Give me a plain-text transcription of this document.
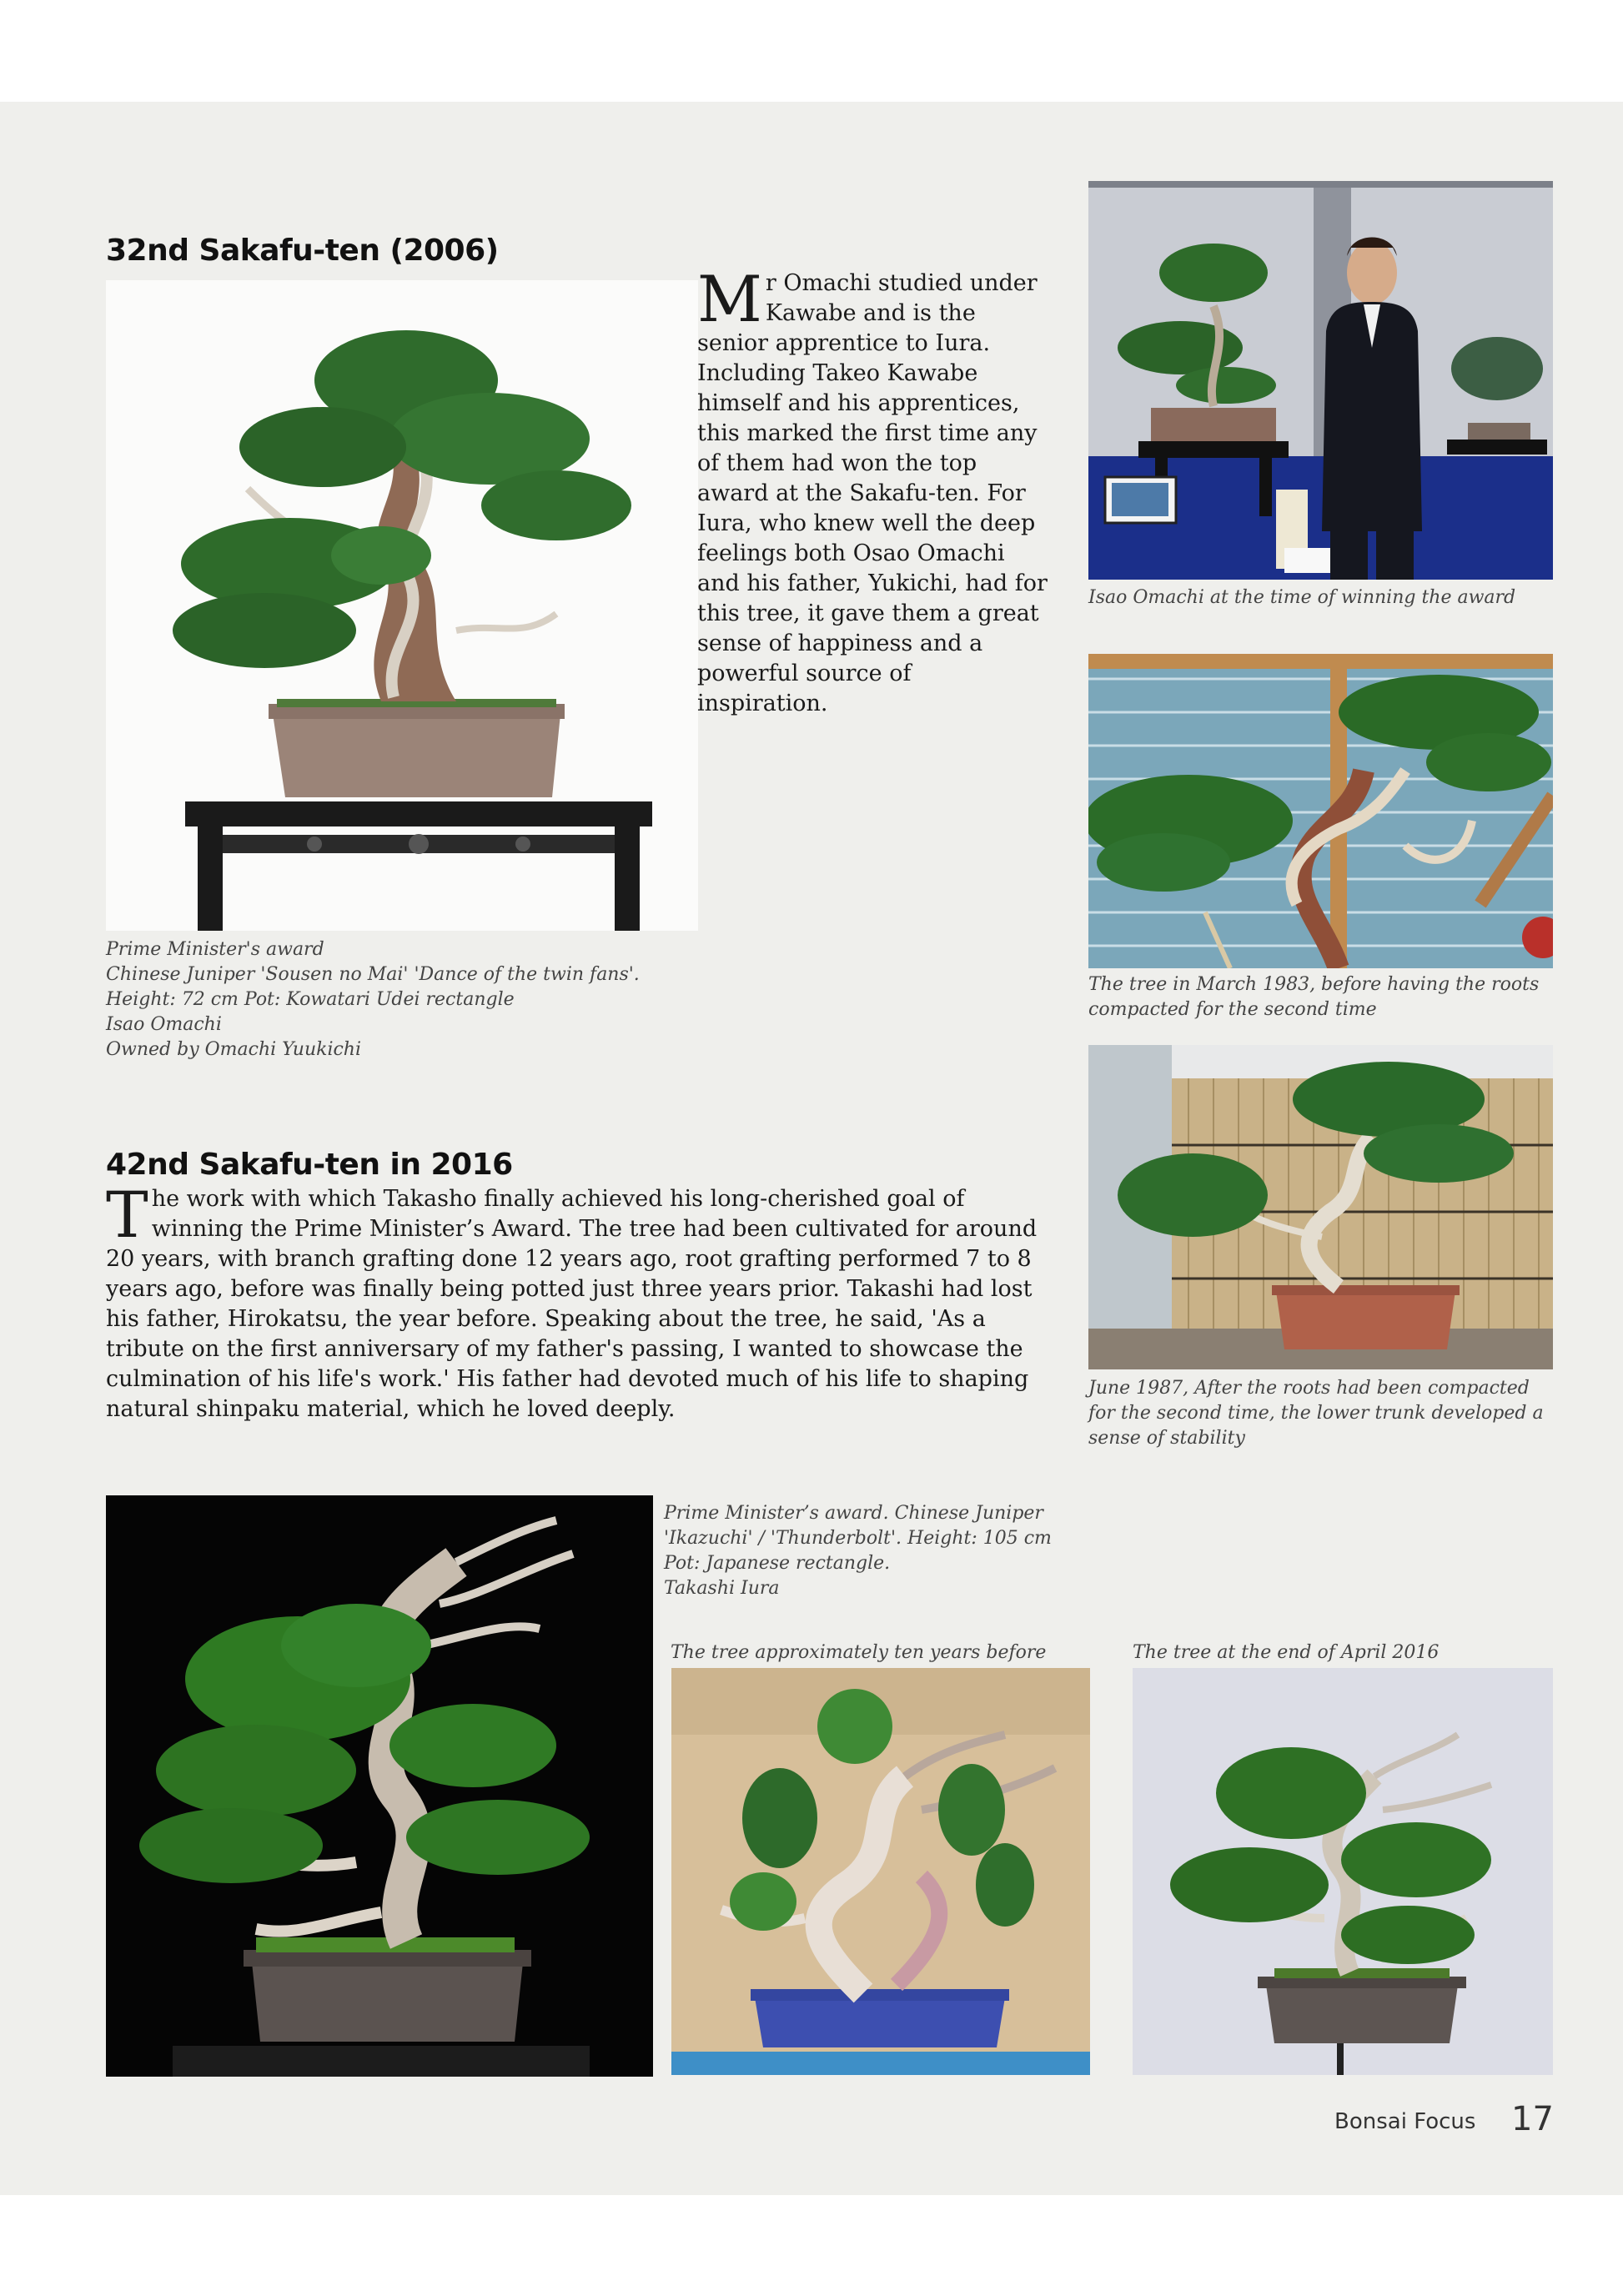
32nd Sakafu-ten (2006)

Mr Omachi studied under Kawabe and is the senior apprentice to Iura. Including Takeo Kawabe himself and his apprentices, this marked the first time any of them had won the top award at the Sakafu-ten. For Iura, who knew well the deep feelings both Osao Omachi and his father, Yukichi, had for this tree, it gave them a great sense of happiness and a powerful source of inspiration.

Prime Minister's award
Chinese Juniper 'Sousen no Mai' 'Dance of the twin fans'.
Height: 72 cm Pot: Kowatari Udei rectangle
Isao Omachi
Owned by Omachi Yuukichi
Isao Omachi at the time of winning the award
The tree in March 1983, before having the roots compacted for the second time
June 1987, After the roots had been compacted for the second time, the lower trunk developed a sense of stability
42nd Sakafu-ten in 2016

The work with which Takasho finally achieved his long-cherished goal of winning the Prime Minister’s Award. The tree had been cultivated for around 20 years, with branch grafting done 12 years ago, root grafting performed 7 to 8 years ago, before was finally being potted just three years prior. Takashi had lost his father, Hirokatsu, the year before. Speaking about the tree, he said, 'As a tribute on the first anniversary of my father's passing, I wanted to showcase the culmination of his life's work.' His father had devoted much of his life to shaping natural shinpaku material, which he loved deeply.

Prime Minister’s award. Chinese Juniper
'Ikazuchi' / 'Thunderbolt'. Height: 105 cm
Pot: Japanese rectangle.
Takashi Iura
The tree approximately ten years before	The tree at the end of April 2016
Bonsai Focus 17
